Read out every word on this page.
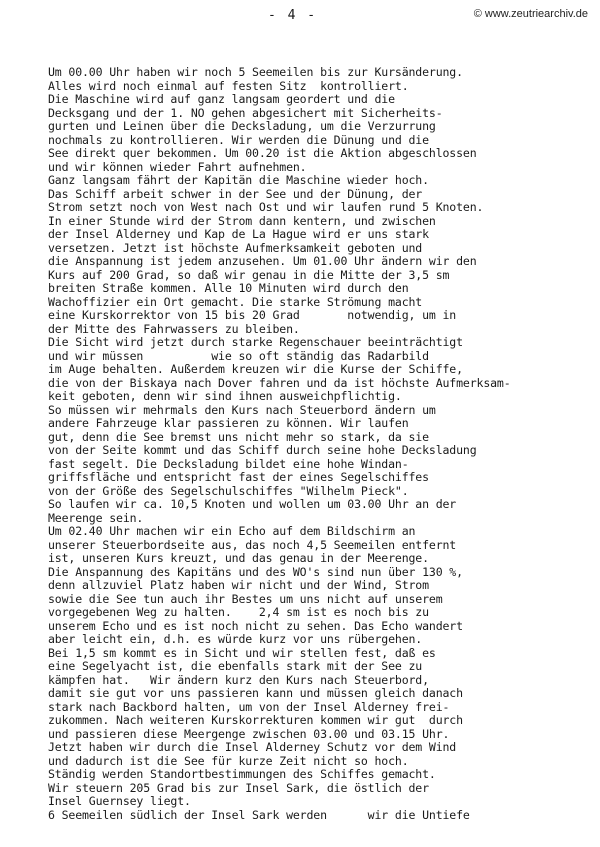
- 4 -	© www.zeutriearchiv.de
Um 00.00 Uhr haben wir noch 5 Seemeilen bis zur Kursänderung.
Alles wird noch einmal auf festen Sitz  kontrolliert.
Die Maschine wird auf ganz langsam geordert und die
Decksgang und der 1. NO gehen abgesichert mit Sicherheits-
gurten und Leinen über die Decksladung, um die Verzurrung
nochmals zu kontrollieren. Wir werden die Dünung und die
See direkt quer bekommen. Um 00.20 ist die Aktion abgeschlossen
und wir können wieder Fahrt aufnehmen.
Ganz langsam fährt der Kapitän die Maschine wieder hoch.
Das Schiff arbeit schwer in der See und der Dünung, der
Strom setzt noch von West nach Ost und wir laufen rund 5 Knoten.
In einer Stunde wird der Strom dann kentern, und zwischen
der Insel Alderney und Kap de La Hague wird er uns stark
versetzen. Jetzt ist höchste Aufmerksamkeit geboten und
die Anspannung ist jedem anzusehen. Um 01.00 Uhr ändern wir den
Kurs auf 200 Grad, so daß wir genau in die Mitte der 3,5 sm
breiten Straße kommen. Alle 10 Minuten wird durch den
Wachoffizier ein Ort gemacht. Die starke Strömung macht
eine Kurskorrektor von 15 bis 20 Grad       notwendig, um in
der Mitte des Fahrwassers zu bleiben.
Die Sicht wird jetzt durch starke Regenschauer beeinträchtigt
und wir müssen          wie so oft ständig das Radarbild
im Auge behalten. Außerdem kreuzen wir die Kurse der Schiffe,
die von der Biskaya nach Dover fahren und da ist höchste Aufmerksam-
keit geboten, denn wir sind ihnen ausweichpflichtig.
So müssen wir mehrmals den Kurs nach Steuerbord ändern um
andere Fahrzeuge klar passieren zu können. Wir laufen
gut, denn die See bremst uns nicht mehr so stark, da sie
von der Seite kommt und das Schiff durch seine hohe Decksladung
fast segelt. Die Decksladung bildet eine hohe Windan-
griffsfläche und entspricht fast der eines Segelschiffes
von der Größe des Segelschulschiffes "Wilhelm Pieck".
So laufen wir ca. 10,5 Knoten und wollen um 03.00 Uhr an der
Meerenge sein.
Um 02.40 Uhr machen wir ein Echo auf dem Bildschirm an
unserer Steuerbordseite aus, das noch 4,5 Seemeilen entfernt
ist, unseren Kurs kreuzt, und das genau in der Meerenge.
Die Anspannung des Kapitäns und des WO's sind nun über 130 %,
denn allzuviel Platz haben wir nicht und der Wind, Strom
sowie die See tun auch ihr Bestes um uns nicht auf unserem
vorgegebenen Weg zu halten.    2,4 sm ist es noch bis zu
unserem Echo und es ist noch nicht zu sehen. Das Echo wandert
aber leicht ein, d.h. es würde kurz vor uns rübergehen.
Bei 1,5 sm kommt es in Sicht und wir stellen fest, daß es
eine Segelyacht ist, die ebenfalls stark mit der See zu
kämpfen hat.   Wir ändern kurz den Kurs nach Steuerbord,
damit sie gut vor uns passieren kann und müssen gleich danach
stark nach Backbord halten, um von der Insel Alderney frei-
zukommen. Nach weiteren Kurskorrekturen kommen wir gut  durch
und passieren diese Meergenge zwischen 03.00 und 03.15 Uhr.
Jetzt haben wir durch die Insel Alderney Schutz vor dem Wind
und dadurch ist die See für kurze Zeit nicht so hoch.
Ständig werden Standortbestimmungen des Schiffes gemacht.
Wir steuern 205 Grad bis zur Insel Sark, die östlich der
Insel Guernsey liegt.
6 Seemeilen südlich der Insel Sark werden      wir die Untiefe
